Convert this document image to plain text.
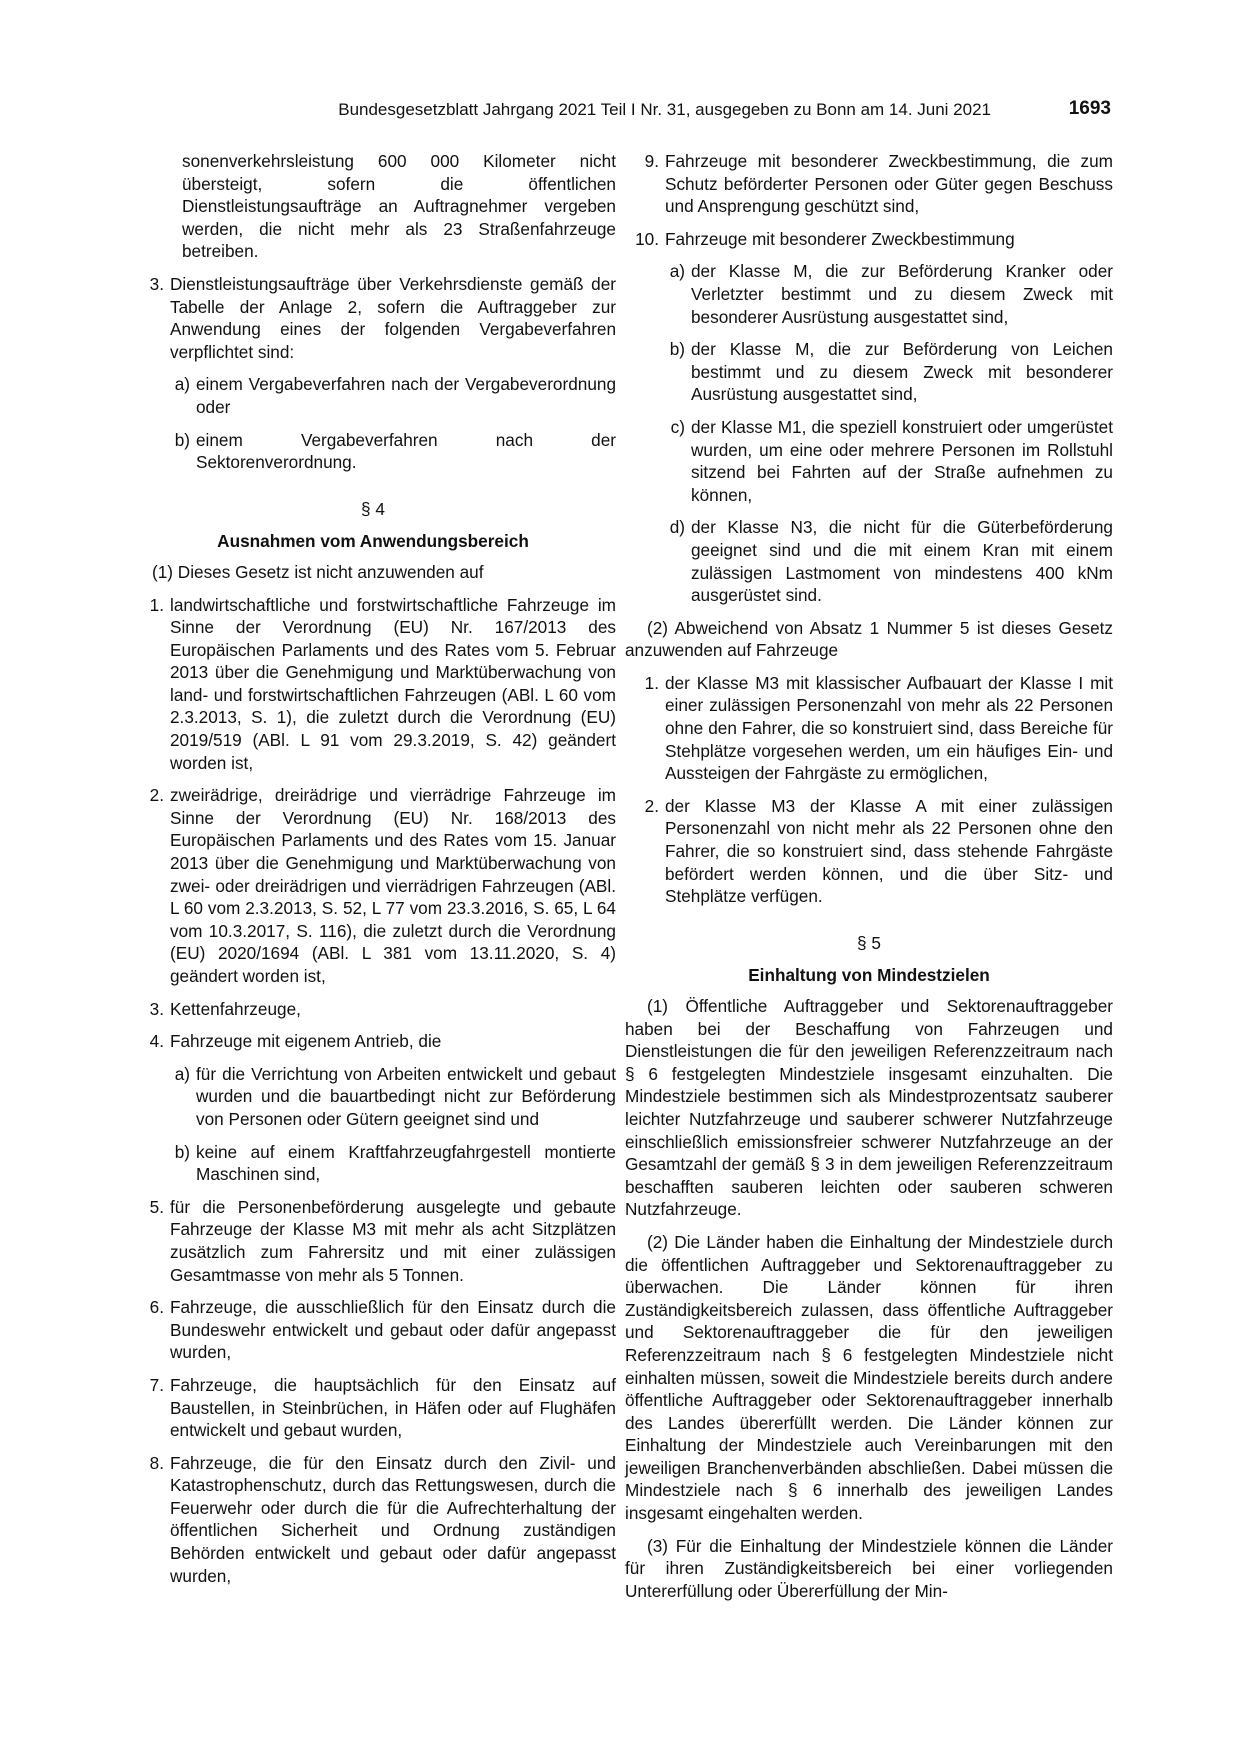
Bundesgesetzblatt Jahrgang 2021 Teil I Nr. 31, ausgegeben zu Bonn am 14. Juni 2021	1693
sonenverkehrsleistung 600 000 Kilometer nicht übersteigt, sofern die öffentlichen Dienstleistungsaufträge an Auftragnehmer vergeben werden, die nicht mehr als 23 Straßenfahrzeuge betreiben.
3. Dienstleistungsaufträge über Verkehrsdienste gemäß der Tabelle der Anlage 2, sofern die Auftraggeber zur Anwendung eines der folgenden Vergabeverfahren verpflichtet sind:
a) einem Vergabeverfahren nach der Vergabeverordnung oder
b) einem Vergabeverfahren nach der Sektorenverordnung.
§ 4
Ausnahmen vom Anwendungsbereich
(1) Dieses Gesetz ist nicht anzuwenden auf
1. landwirtschaftliche und forstwirtschaftliche Fahrzeuge im Sinne der Verordnung (EU) Nr. 167/2013 des Europäischen Parlaments und des Rates vom 5. Februar 2013 über die Genehmigung und Marktüberwachung von land- und forstwirtschaftlichen Fahrzeugen (ABl. L 60 vom 2.3.2013, S. 1), die zuletzt durch die Verordnung (EU) 2019/519 (ABl. L 91 vom 29.3.2019, S. 42) geändert worden ist,
2. zweirädrige, dreirädrige und vierrädrige Fahrzeuge im Sinne der Verordnung (EU) Nr. 168/2013 des Europäischen Parlaments und des Rates vom 15. Januar 2013 über die Genehmigung und Marktüberwachung von zwei- oder dreirädrigen und vierrädrigen Fahrzeugen (ABl. L 60 vom 2.3.2013, S. 52, L 77 vom 23.3.2016, S. 65, L 64 vom 10.3.2017, S. 116), die zuletzt durch die Verordnung (EU) 2020/1694 (ABl. L 381 vom 13.11.2020, S. 4) geändert worden ist,
3. Kettenfahrzeuge,
4. Fahrzeuge mit eigenem Antrieb, die
a) für die Verrichtung von Arbeiten entwickelt und gebaut wurden und die bauartbedingt nicht zur Beförderung von Personen oder Gütern geeignet sind und
b) keine auf einem Kraftfahrzeugfahrgestell montierte Maschinen sind,
5. für die Personenbeförderung ausgelegte und gebaute Fahrzeuge der Klasse M3 mit mehr als acht Sitzplätzen zusätzlich zum Fahrersitz und mit einer zulässigen Gesamtmasse von mehr als 5 Tonnen.
6. Fahrzeuge, die ausschließlich für den Einsatz durch die Bundeswehr entwickelt und gebaut oder dafür angepasst wurden,
7. Fahrzeuge, die hauptsächlich für den Einsatz auf Baustellen, in Steinbrüchen, in Häfen oder auf Flughäfen entwickelt und gebaut wurden,
8. Fahrzeuge, die für den Einsatz durch den Zivil- und Katastrophenschutz, durch das Rettungswesen, durch die Feuerwehr oder durch die für die Aufrechterhaltung der öffentlichen Sicherheit und Ordnung zuständigen Behörden entwickelt und gebaut oder dafür angepasst wurden,
9. Fahrzeuge mit besonderer Zweckbestimmung, die zum Schutz beförderter Personen oder Güter gegen Beschuss und Ansprengung geschützt sind,
10. Fahrzeuge mit besonderer Zweckbestimmung
a) der Klasse M, die zur Beförderung Kranker oder Verletzter bestimmt und zu diesem Zweck mit besonderer Ausrüstung ausgestattet sind,
b) der Klasse M, die zur Beförderung von Leichen bestimmt und zu diesem Zweck mit besonderer Ausrüstung ausgestattet sind,
c) der Klasse M1, die speziell konstruiert oder umgerüstet wurden, um eine oder mehrere Personen im Rollstuhl sitzend bei Fahrten auf der Straße aufnehmen zu können,
d) der Klasse N3, die nicht für die Güterbeförderung geeignet sind und die mit einem Kran mit einem zulässigen Lastmoment von mindestens 400 kNm ausgerüstet sind.
(2) Abweichend von Absatz 1 Nummer 5 ist dieses Gesetz anzuwenden auf Fahrzeuge
1. der Klasse M3 mit klassischer Aufbauart der Klasse I mit einer zulässigen Personenzahl von mehr als 22 Personen ohne den Fahrer, die so konstruiert sind, dass Bereiche für Stehplätze vorgesehen werden, um ein häufiges Ein- und Aussteigen der Fahrgäste zu ermöglichen,
2. der Klasse M3 der Klasse A mit einer zulässigen Personenzahl von nicht mehr als 22 Personen ohne den Fahrer, die so konstruiert sind, dass stehende Fahrgäste befördert werden können, und die über Sitz- und Stehplätze verfügen.
§ 5
Einhaltung von Mindestzielen
(1) Öffentliche Auftraggeber und Sektorenauftraggeber haben bei der Beschaffung von Fahrzeugen und Dienstleistungen die für den jeweiligen Referenzzeitraum nach § 6 festgelegten Mindestziele insgesamt einzuhalten. Die Mindestziele bestimmen sich als Mindestprozentsatz sauberer leichter Nutzfahrzeuge und sauberer schwerer Nutzfahrzeuge einschließlich emissionsfreier schwerer Nutzfahrzeuge an der Gesamtzahl der gemäß § 3 in dem jeweiligen Referenzzeitraum beschafften sauberen leichten oder sauberen schweren Nutzfahrzeuge.
(2) Die Länder haben die Einhaltung der Mindestziele durch die öffentlichen Auftraggeber und Sektorenauftraggeber zu überwachen. Die Länder können für ihren Zuständigkeitsbereich zulassen, dass öffentliche Auftraggeber und Sektorenauftraggeber die für den jeweiligen Referenzzeitraum nach § 6 festgelegten Mindestziele nicht einhalten müssen, soweit die Mindestziele bereits durch andere öffentliche Auftraggeber oder Sektorenauftraggeber innerhalb des Landes übererfüllt werden. Die Länder können zur Einhaltung der Mindestziele auch Vereinbarungen mit den jeweiligen Branchenverbänden abschließen. Dabei müssen die Mindestziele nach § 6 innerhalb des jeweiligen Landes insgesamt eingehalten werden.
(3) Für die Einhaltung der Mindestziele können die Länder für ihren Zuständigkeitsbereich bei einer vorliegenden Untererfüllung oder Übererfüllung der Min-
